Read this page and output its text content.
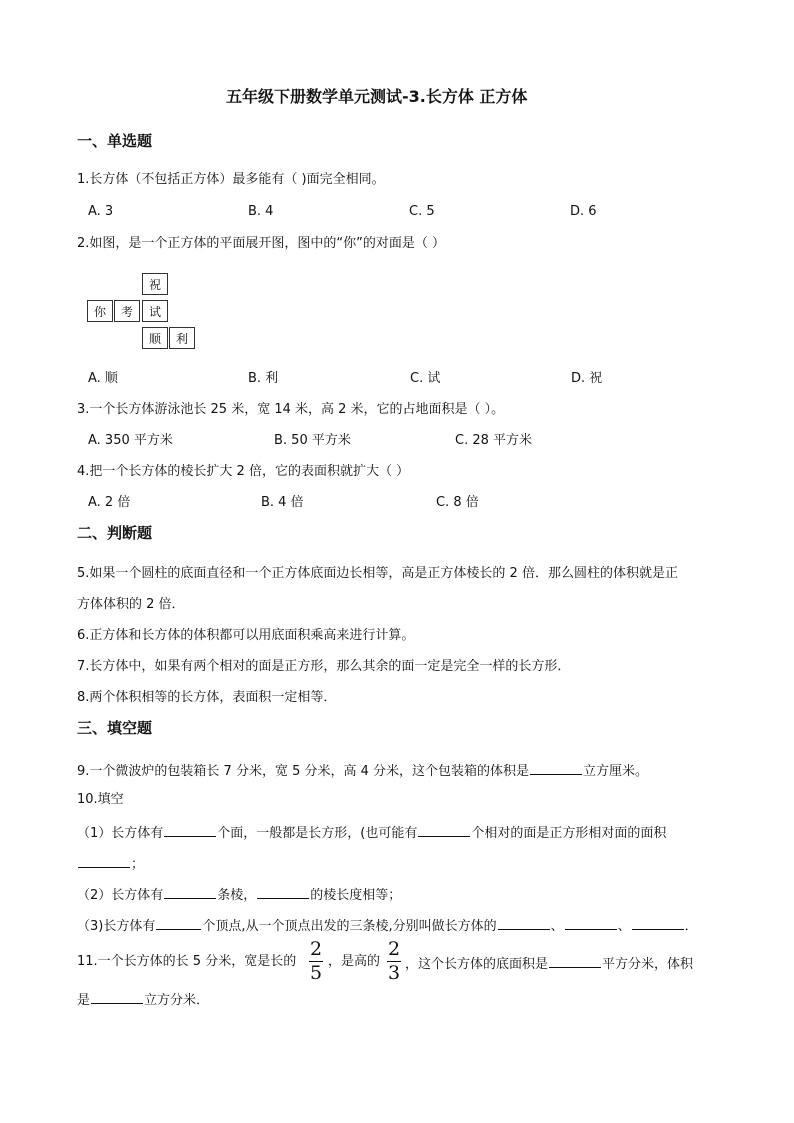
五年级下册数学单元测试-3.长方体 正方体
一、单选题
1.长方体（不包括正方体）最多能有（ )面完全相同。
A. 3	B. 4	C. 5	D. 6
2.如图，是一个正方体的平面展开图，图中的“你”的对面是（ ）
祝
你	考	试
顺	利
A. 顺	B. 利	C. 试	D. 祝
3.一个长方体游泳池长 25 米，宽 14 米，高 2 米，它的占地面积是（ ）。
A. 350 平方米	B. 50 平方米	C. 28 平方米
4.把一个长方体的棱长扩大 2 倍，它的表面积就扩大（ ）
A. 2 倍	B. 4 倍	C. 8 倍
二、判断题
5.如果一个圆柱的底面直径和一个正方体底面边长相等，高是正方体棱长的 2 倍．那么圆柱的体积就是正
方体体积的 2 倍．
6.正方体和长方体的体积都可以用底面积乘高来进行计算。
7.长方体中，如果有两个相对的面是正方形，那么其余的面一定是完全一样的长方形．
8.两个体积相等的长方体，表面积一定相等．
三、填空题
9.一个微波炉的包装箱长 7 分米，宽 5 分米，高 4 分米，这个包装箱的体积是	立方厘米。
10.填空
（1）长方体有	个面，一般都是长方形，(也可能有	个相对的面是正方形相对面的面积
；
（2）长方体有	条棱，	的棱长度相等；
（3)长方体有	个顶点,从一个顶点出发的三条棱,分别叫做长方体的	、	、	．
11.一个长方体的长 5 分米，宽是长的
2
5
，是高的
2
3 ，这个长方体的底面积是	平方分米，体积
是	立方分米．
